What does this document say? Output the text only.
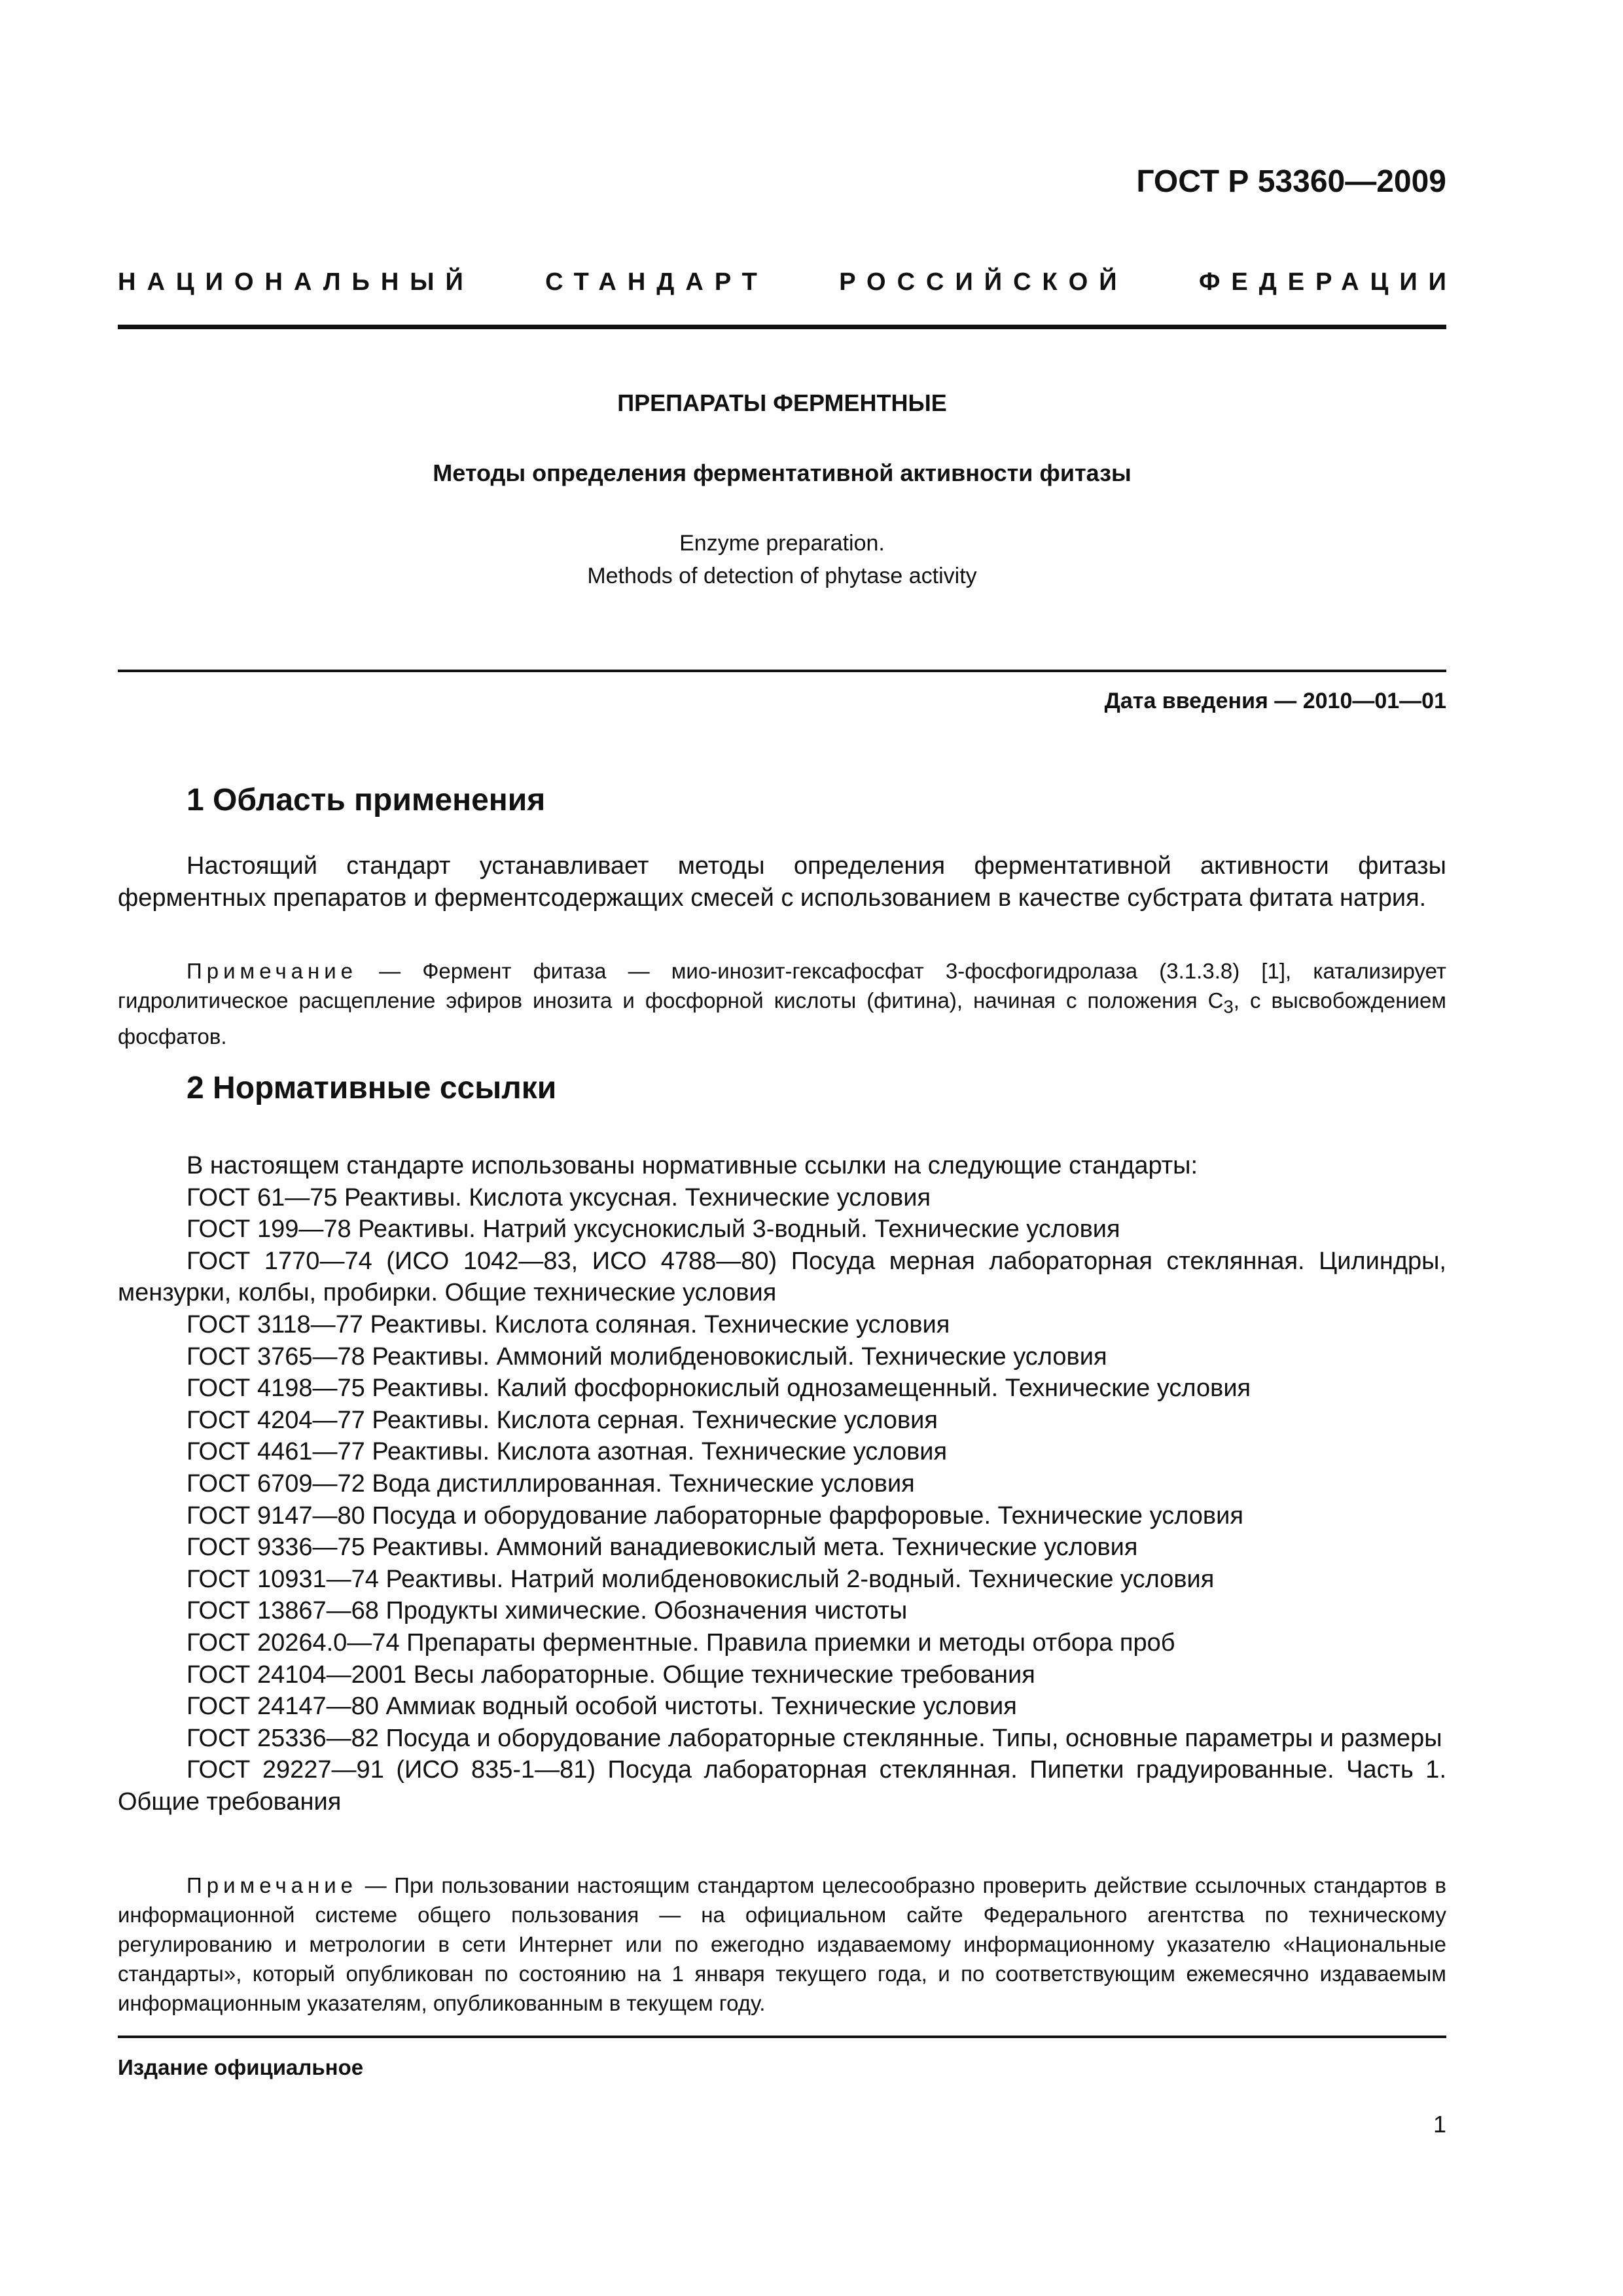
ГОСТ Р 53360—2009
НАЦИОНАЛЬНЫЙ	СТАНДАРТ	РОССИЙСКОЙ	ФЕДЕРАЦИИ
ПРЕПАРАТЫ ФЕРМЕНТНЫЕ
Методы определения ферментативной активности фитазы
Enzyme preparation.
Methods of detection of phytase activity
Дата введения — 2010—01—01
1 Область применения
Настоящий стандарт устанавливает методы определения ферментативной активности фитазы ферментных препаратов и ферментсодержащих смесей с использованием в качестве субстрата фитата натрия.
Примечание — Фермент фитаза — мио-инозит-гексафосфат 3-фосфогидролаза (3.1.3.8) [1], катализирует гидролитическое расщепление эфиров инозита и фосфорной кислоты (фитина), начиная с положения $С_3$, с высвобождением фосфатов.
2 Нормативные ссылки
В настоящем стандарте использованы нормативные ссылки на следующие стандарты:
ГОСТ 61—75 Реактивы. Кислота уксусная. Технические условия
ГОСТ 199—78 Реактивы. Натрий уксуснокислый 3-водный. Технические условия
ГОСТ 1770—74 (ИСО 1042—83, ИСО 4788—80) Посуда мерная лабораторная стеклянная. Цилиндры, мензурки, колбы, пробирки. Общие технические условия
ГОСТ 3118—77 Реактивы. Кислота соляная. Технические условия
ГОСТ 3765—78 Реактивы. Аммоний молибденовокислый. Технические условия
ГОСТ 4198—75 Реактивы. Калий фосфорнокислый однозамещенный. Технические условия
ГОСТ 4204—77 Реактивы. Кислота серная. Технические условия
ГОСТ 4461—77 Реактивы. Кислота азотная. Технические условия
ГОСТ 6709—72 Вода дистиллированная. Технические условия
ГОСТ 9147—80 Посуда и оборудование лабораторные фарфоровые. Технические условия
ГОСТ 9336—75 Реактивы. Аммоний ванадиевокислый мета. Технические условия
ГОСТ 10931—74 Реактивы. Натрий молибденовокислый 2-водный. Технические условия
ГОСТ 13867—68 Продукты химические. Обозначения чистоты
ГОСТ 20264.0—74 Препараты ферментные. Правила приемки и методы отбора проб
ГОСТ 24104—2001 Весы лабораторные. Общие технические требования
ГОСТ 24147—80 Аммиак водный особой чистоты. Технические условия
ГОСТ 25336—82 Посуда и оборудование лабораторные стеклянные. Типы, основные параметры и размеры
ГОСТ 29227—91 (ИСО 835-1—81) Посуда лабораторная стеклянная. Пипетки градуированные. Часть 1. Общие требования
Примечание — При пользовании настоящим стандартом целесообразно проверить действие ссылочных стандартов в информационной системе общего пользования — на официальном сайте Федерального агентства по техническому регулированию и метрологии в сети Интернет или по ежегодно издаваемому информационному указателю «Национальные стандарты», который опубликован по состоянию на 1 января текущего года, и по соответствующим ежемесячно издаваемым информационным указателям, опубликованным в текущем году.
Издание официальное
1
